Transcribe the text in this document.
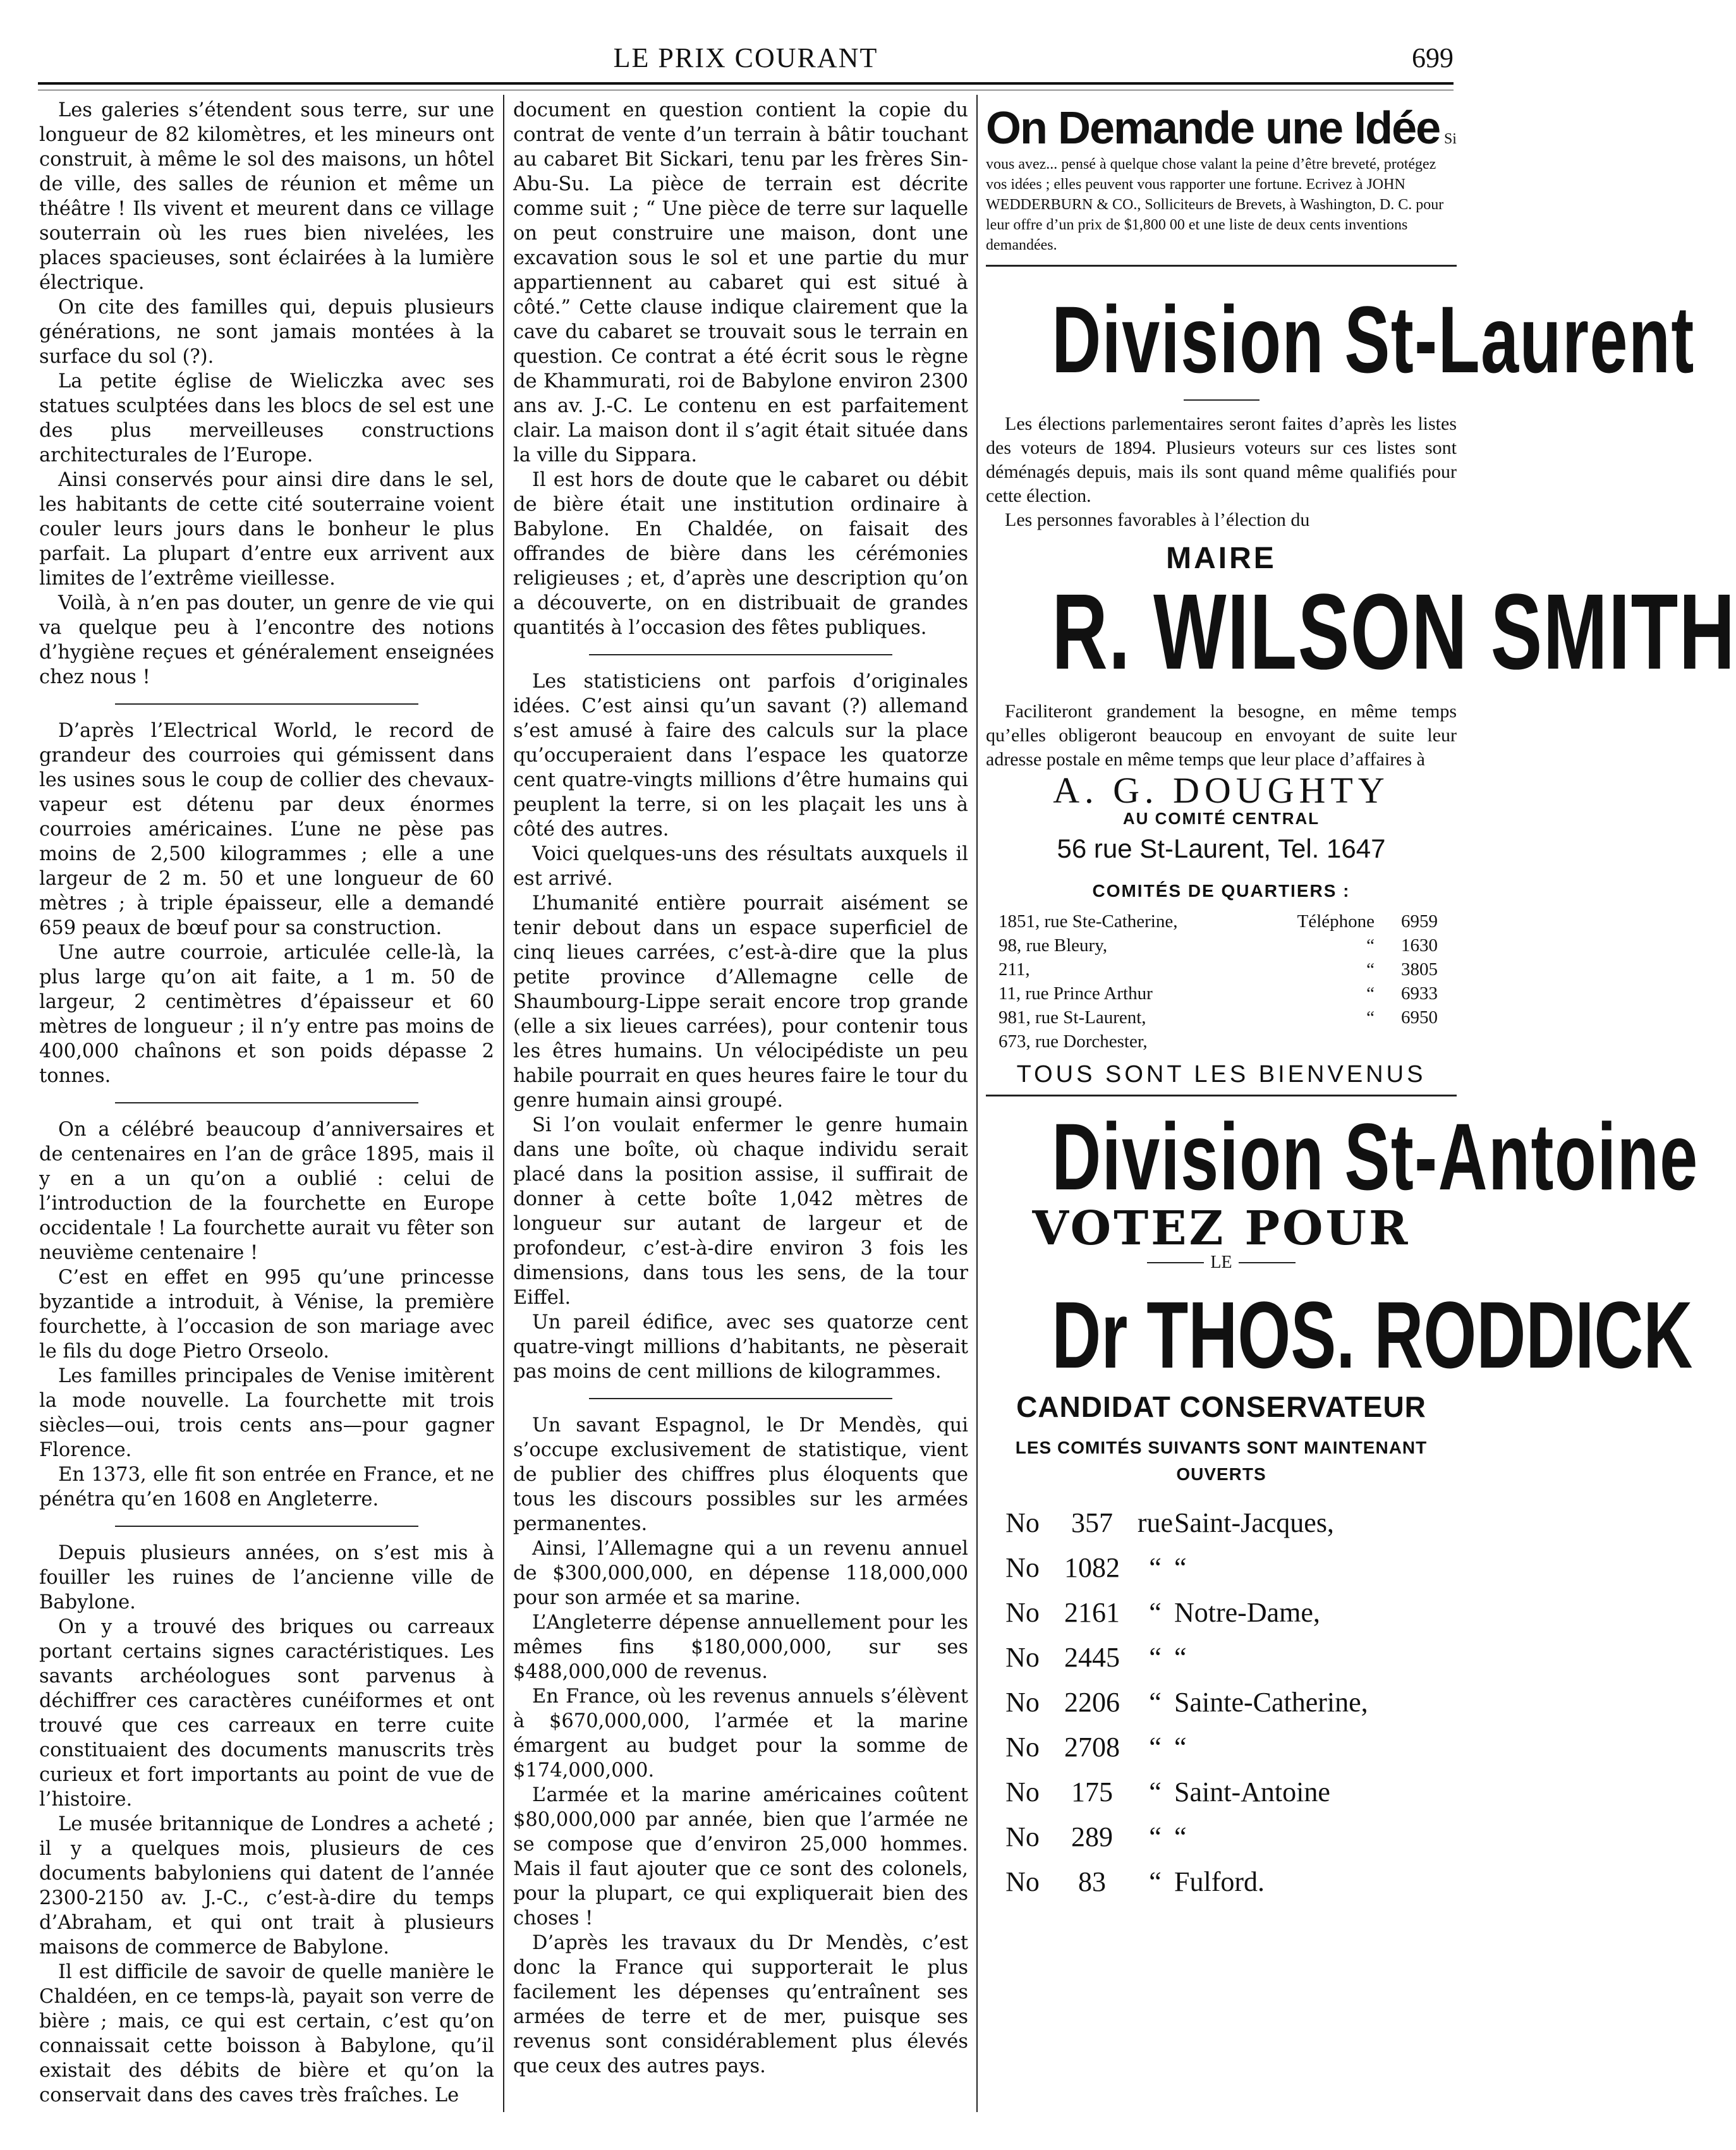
LE PRIX COURANT	699

Les galeries s’étendent sous terre, sur une longueur de 82 kilomètres, et les mineurs ont construit, à même le sol des maisons, un hôtel de ville, des salles de réunion et même un théâtre ! Ils vivent et meurent dans ce village souterrain où les rues bien nivelées, les places spacieuses, sont éclairées à la lumière électrique.

On cite des familles qui, depuis plusieurs générations, ne sont jamais montées à la surface du sol (?).

La petite église de Wieliczka avec ses statues sculptées dans les blocs de sel est une des plus merveilleuses constructions architecturales de l’Europe.

Ainsi conservés pour ainsi dire dans le sel, les habitants de cette cité souterraine voient couler leurs jours dans le bonheur le plus parfait. La plupart d’entre eux arrivent aux limites de l’extrême vieillesse.

Voilà, à n’en pas douter, un genre de vie qui va quelque peu à l’encontre des notions d’hygiène reçues et généralement enseignées chez nous !

D’après l’Electrical World, le record de grandeur des courroies qui gémissent dans les usines sous le coup de collier des chevaux-vapeur est détenu par deux énormes courroies américaines. L’une ne pèse pas moins de 2,500 kilogrammes ; elle a une largeur de 2 m. 50 et une longueur de 60 mètres ; à triple épaisseur, elle a demandé 659 peaux de bœuf pour sa construction.

Une autre courroie, articulée celle-là, la plus large qu’on ait faite, a 1 m. 50 de largeur, 2 centimètres d’épaisseur et 60 mètres de longueur ; il n’y entre pas moins de 400,000 chaînons et son poids dépasse 2 tonnes.

On a célébré beaucoup d’anniversaires et de centenaires en l’an de grâce 1895, mais il y en a un qu’on a oublié : celui de l’introduction de la fourchette en Europe occidentale ! La fourchette aurait vu fêter son neuvième centenaire !

C’est en effet en 995 qu’une princesse byzantide a introduit, à Vénise, la première fourchette, à l’occasion de son mariage avec le fils du doge Pietro Orseolo.

Les familles principales de Venise imitèrent la mode nouvelle. La fourchette mit trois siècles—oui, trois cents ans—pour gagner Florence.

En 1373, elle fit son entrée en France, et ne pénétra qu’en 1608 en Angleterre.

Depuis plusieurs années, on s’est mis à fouiller les ruines de l’ancienne ville de Babylone.

On y a trouvé des briques ou carreaux portant certains signes caractéristiques. Les savants archéologues sont parvenus à déchiffrer ces caractères cunéiformes et ont trouvé que ces carreaux en terre cuite constituaient des documents manuscrits très curieux et fort importants au point de vue de l’histoire.

Le musée britannique de Londres a acheté ; il y a quelques mois, plusieurs de ces documents babyloniens qui datent de l’année 2300-2150 av. J.-C., c’est-à-dire du temps d’Abraham, et qui ont trait à plusieurs maisons de commerce de Babylone.

Il est difficile de savoir de quelle manière le Chaldéen, en ce temps-là, payait son verre de bière ; mais, ce qui est certain, c’est qu’on connaissait cette boisson à Babylone, qu’il existait des débits de bière et qu’on la conservait dans des caves très fraîches. Le

document en question contient la copie du contrat de vente d’un terrain à bâtir touchant au cabaret Bit Sickari, tenu par les frères Sin-Abu-Su. La pièce de terrain est décrite comme suit ; “ Une pièce de terre sur laquelle on peut construire une maison, dont une excavation sous le sol et une partie du mur appartiennent au cabaret qui est situé à côté.” Cette clause indique clairement que la cave du cabaret se trouvait sous le terrain en question. Ce contrat a été écrit sous le règne de Khammurati, roi de Babylone environ 2300 ans av. J.-C. Le contenu en est parfaitement clair. La maison dont il s’agit était située dans la ville du Sippara.

Il est hors de doute que le cabaret ou débit de bière était une institution ordinaire à Babylone. En Chaldée, on faisait des offrandes de bière dans les cérémonies religieuses ; et, d’après une description qu’on a découverte, on en distribuait de grandes quantités à l’occasion des fêtes publiques.

Les statisticiens ont parfois d’originales idées. C’est ainsi qu’un savant (?) allemand s’est amusé à faire des calculs sur la place qu’occuperaient dans l’espace les quatorze cent quatre-vingts millions d’être humains qui peuplent la terre, si on les plaçait les uns à côté des autres.

Voici quelques-uns des résultats auxquels il est arrivé.

L’humanité entière pourrait aisément se tenir debout dans un espace superficiel de cinq lieues carrées, c’est-à-dire que la plus petite province d’Allemagne celle de Shaumbourg-Lippe serait encore trop grande (elle a six lieues carrées), pour contenir tous les êtres humains. Un vélocipédiste un peu habile pourrait en ques heures faire le tour du genre humain ainsi groupé.

Si l’on voulait enfermer le genre humain dans une boîte, où chaque individu serait placé dans la position assise, il suffirait de donner à cette boîte 1,042 mètres de longueur sur autant de largeur et de profondeur, c’est-à-dire environ 3 fois les dimensions, dans tous les sens, de la tour Eiffel.

Un pareil édifice, avec ses quatorze cent quatre-vingt millions d’habitants, ne pèserait pas moins de cent millions de kilogrammes.

Un savant Espagnol, le Dr Mendès, qui s’occupe exclusivement de statistique, vient de publier des chiffres plus éloquents que tous les discours possibles sur les armées permanentes.

Ainsi, l’Allemagne qui a un revenu annuel de $300,000,000, en dépense 118,000,000 pour son armée et sa marine.

L’Angleterre dépense annuellement pour les mêmes fins $180,000,000, sur ses $488,000,000 de revenus.

En France, où les revenus annuels s’élèvent à $670,000,000, l’armée et la marine émargent au budget pour la somme de $174,000,000.

L’armée et la marine américaines coûtent $80,000,000 par année, bien que l’armée ne se compose que d’environ 25,000 hommes. Mais il faut ajouter que ce sont des colonels, pour la plupart, ce qui expliquerait bien des choses !

D’après les travaux du Dr Mendès, c’est donc la France qui supporterait le plus facilement les dépenses qu’entraînent ses armées de terre et de mer, puisque ses revenus sont considérablement plus élevés que ceux des autres pays.

On Demande une Idée Si vous avez... pensé à quelque chose valant la peine d’être breveté, protégez vos idées ; elles peuvent vous rapporter une fortune. Ecrivez à JOHN WEDDERBURN & CO., Solliciteurs de Brevets, à Washington, D. C. pour leur offre d’un prix de $1,800 00 et une liste de deux cents inventions demandées.
Division St-Laurent
Les élections parlementaires seront faites d’après les listes des voteurs de 1894. Plusieurs voteurs sur ces listes sont déménagés depuis, mais ils sont quand même qualifiés pour cette élection.
Les personnes favorables à l’élection du
MAIRE
R. WILSON SMITH
Faciliteront grandement la besogne, en même temps qu’elles obligeront beaucoup en envoyant de suite leur adresse postale en même temps que leur place d’affaires à
A. G. DOUGHTY
AU COMITÉ CENTRAL
56 rue St-Laurent, Tel. 1647
COMITÉS DE QUARTIERS :
1851, rue Ste-Catherine,	Téléphone	6959
98, rue Bleury,	“	1630
211,	“	3805
11, rue Prince Arthur	“	6933
981, rue St-Laurent,	“	6950
673, rue Dorchester,
TOUS SONT LES BIENVENUS
Division St-Antoine
VOTEZ POUR
LE
Dr THOS. RODDICK
CANDIDAT CONSERVATEUR
LES COMITÉS SUIVANTS SONT MAINTENANT OUVERTS
No	357 rue Saint-Jacques,
No 1082	“ “
No 2161	“ Notre-Dame,
No 2445	“ “
No 2206	“ Sainte-Catherine,
No 2708	“ “
No	175	“ Saint-Antoine
No	289	“ “
No	83	“ Fulford.
